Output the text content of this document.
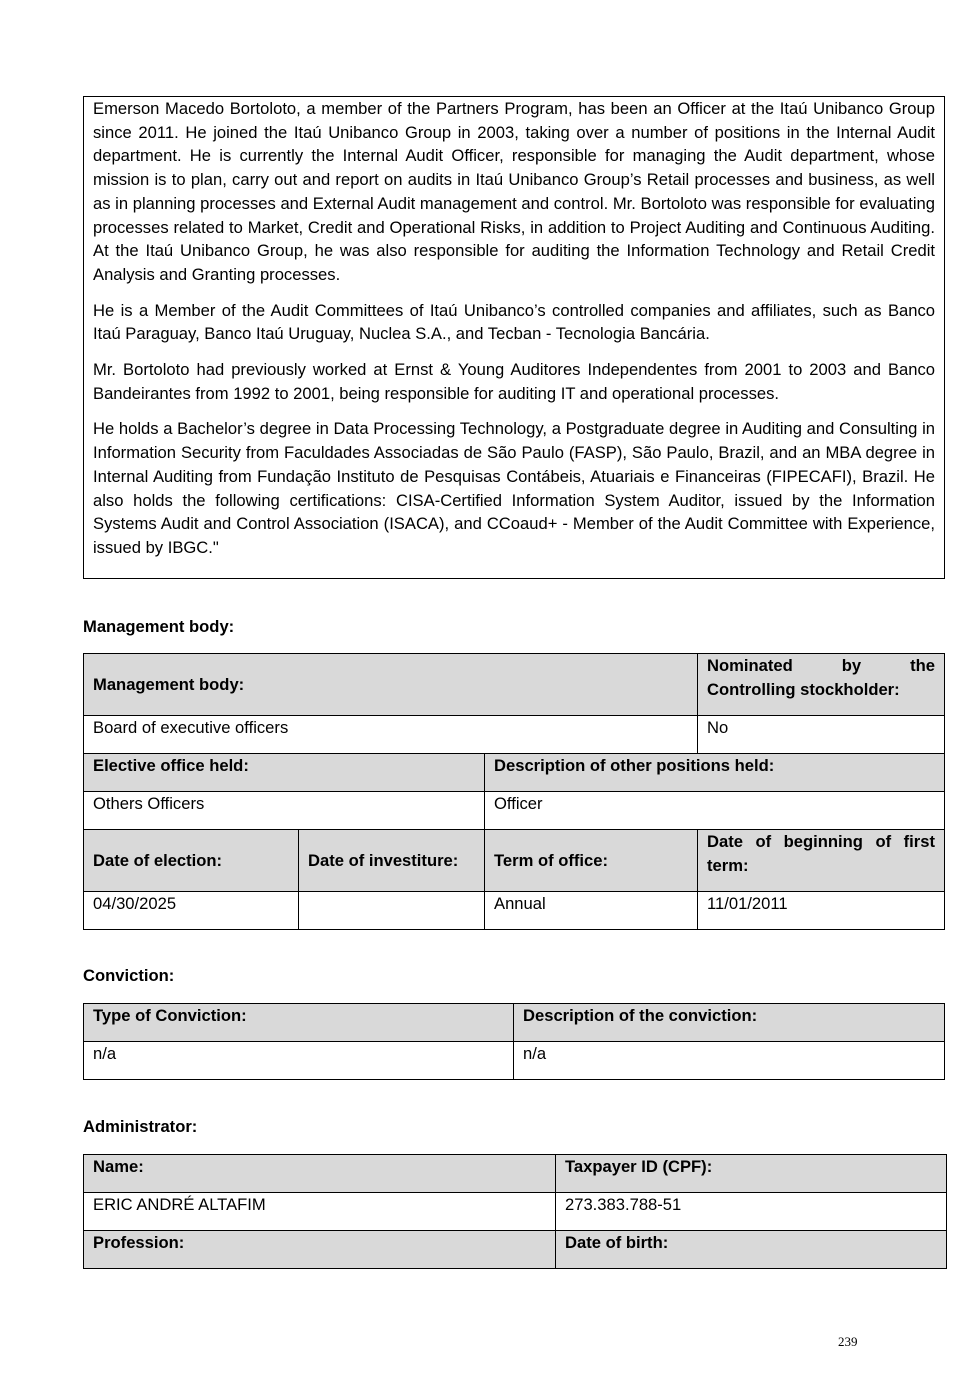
Emerson Macedo Bortoloto, a member of the Partners Program, has been an Officer at the Itaú Unibanco Group since 2011. He joined the Itaú Unibanco Group in 2003, taking over a number of positions in the Internal Audit department. He is currently the Internal Audit Officer, responsible for managing the Audit department, whose mission is to plan, carry out and report on audits in Itaú Unibanco Group’s Retail processes and business, as well as in planning processes and External Audit management and control. Mr. Bortoloto was responsible for evaluating processes related to Market, Credit and Operational Risks, in addition to Project Auditing and Continuous Auditing. At the Itaú Unibanco Group, he was also responsible for auditing the Information Technology and Retail Credit Analysis and Granting processes.

He is a Member of the Audit Committees of Itaú Unibanco’s controlled companies and affiliates, such as Banco Itaú Paraguay, Banco Itaú Uruguay, Nuclea S.A., and Tecban - Tecnologia Bancária.

Mr. Bortoloto had previously worked at Ernst & Young Auditores Independentes from 2001 to 2003 and Banco Bandeirantes from 1992 to 2001, being responsible for auditing IT and operational processes.

He holds a Bachelor’s degree in Data Processing Technology, a Postgraduate degree in Auditing and Consulting in Information Security from Faculdades Associadas de São Paulo (FASP), São Paulo, Brazil, and an MBA degree in Internal Auditing from Fundação Instituto de Pesquisas Contábeis, Atuariais e Financeiras (FIPECAFI), Brazil. He also holds the following certifications: CISA-Certified Information System Auditor, issued by the Information Systems Audit and Control Association (ISACA), and CCoaud+ - Member of the Audit Committee with Experience, issued by IBGC."

Management body:
Management body:			Nominated by the
Controlling stockholder:

Board of executive officers			No
Elective office held:		Description of other positions held:	
Others Officers		Officer	
Date of election:	Date of investiture:	Term of office:	Date of beginning of first
term:

04/30/2025		Annual	11/01/2011
Conviction:
Type of Conviction:	Description of the conviction:
n/a	n/a
Administrator:
Name:	Taxpayer ID (CPF):
ERIC ANDRÉ ALTAFIM	273.383.788-51
Profession:	Date of birth:
239
